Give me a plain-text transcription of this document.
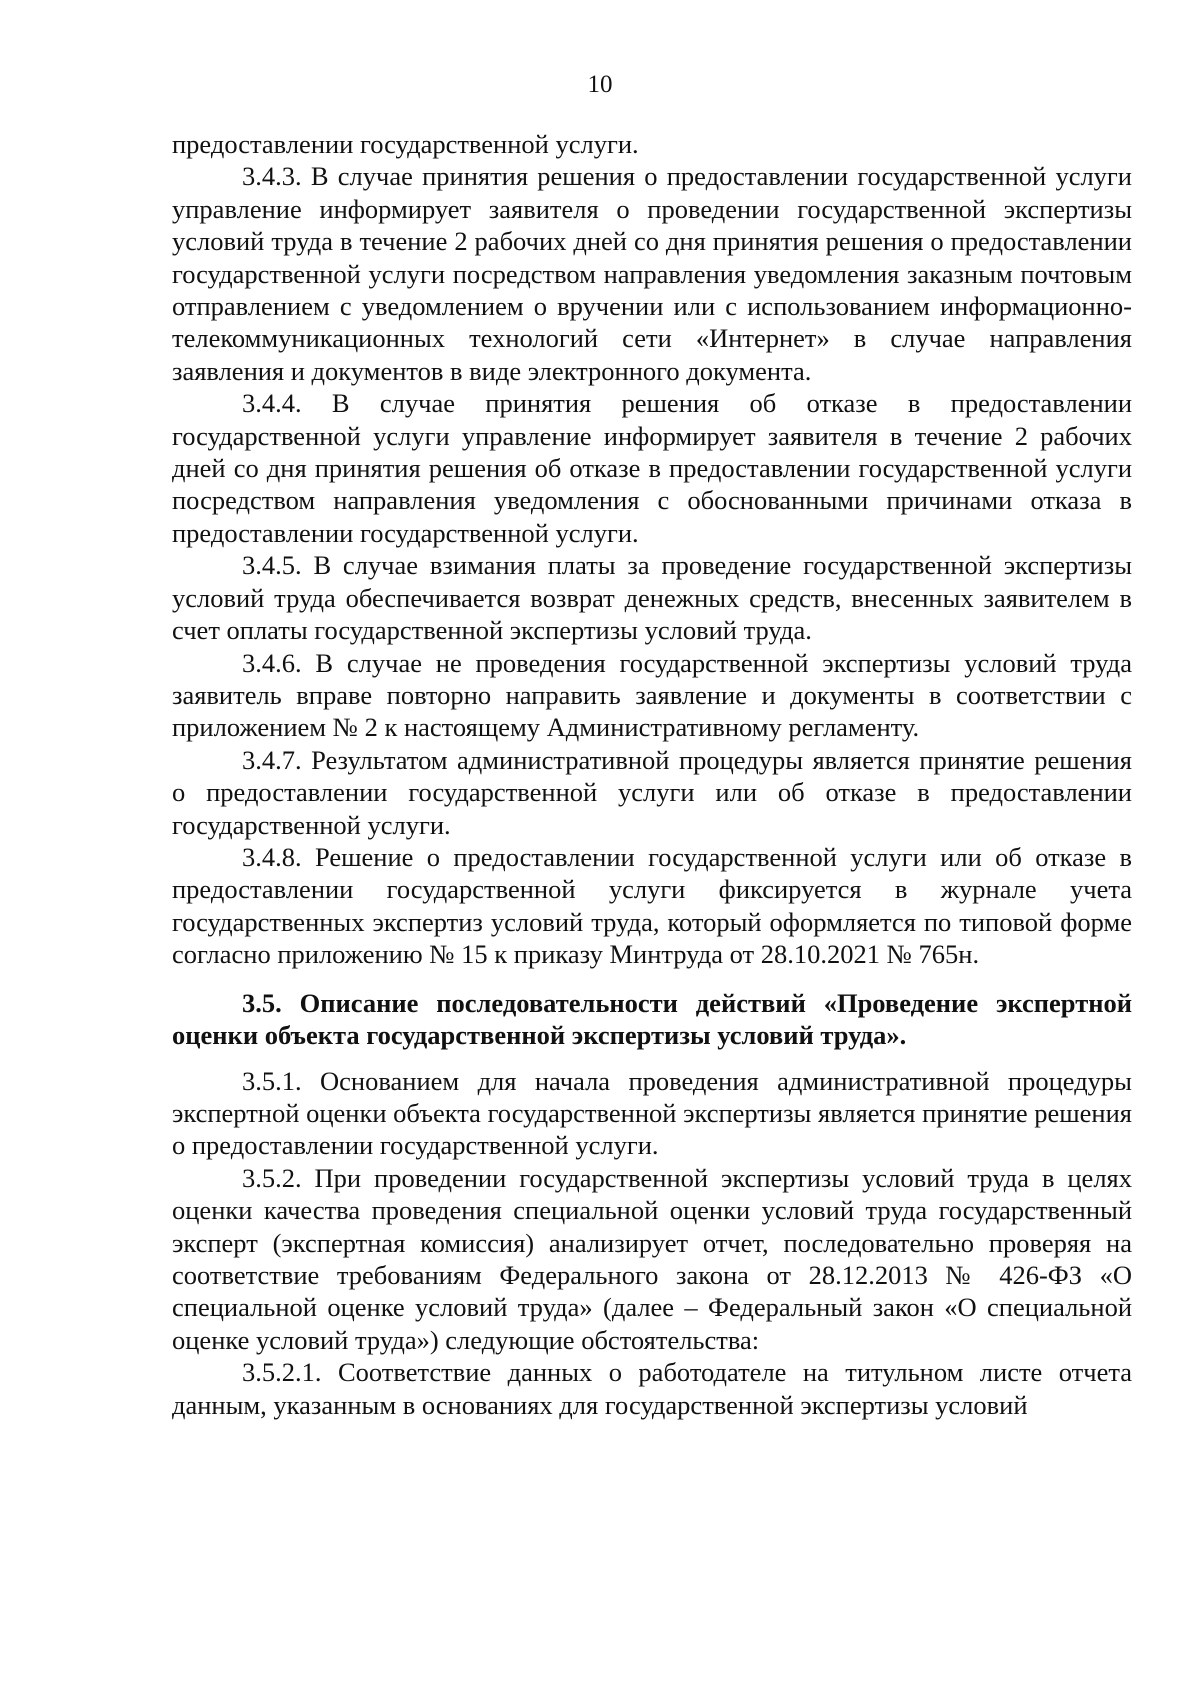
10

предоставлении государственной услуги.

3.4.3. В случае принятия решения о предоставлении государственной услуги управление информирует заявителя о проведении государственной экспертизы условий труда в течение 2 рабочих дней со дня принятия решения о предоставлении государственной услуги посредством направления уведомления заказным почтовым отправлением с уведомлением о вручении или с использованием информационно-телекоммуникационных технологий сети «Интернет» в случае направления заявления и документов в виде электронного документа.

3.4.4. В случае принятия решения об отказе в предоставлении государственной услуги управление информирует заявителя в течение 2 рабочих дней со дня принятия решения об отказе в предоставлении государственной услуги посредством направления уведомления с обоснованными причинами отказа в предоставлении государственной услуги.

3.4.5. В случае взимания платы за проведение государственной экспертизы условий труда обеспечивается возврат денежных средств, внесенных заявителем в счет оплаты государственной экспертизы условий труда.

3.4.6. В случае не проведения государственной экспертизы условий труда заявитель вправе повторно направить заявление и документы в соответствии с приложением № 2 к настоящему Административному регламенту.

3.4.7. Результатом административной процедуры является принятие решения о предоставлении государственной услуги или об отказе в предоставлении государственной услуги.

3.4.8. Решение о предоставлении государственной услуги или об отказе в предоставлении государственной услуги фиксируется в журнале учета государственных экспертиз условий труда, который оформляется по типовой форме согласно приложению № 15 к приказу Минтруда от 28.10.2021 № 765н.

3.5. Описание последовательности действий «Проведение экспертной оценки объекта государственной экспертизы условий труда».

3.5.1. Основанием для начала проведения административной процедуры экспертной оценки объекта государственной экспертизы является принятие решения о предоставлении государственной услуги.

3.5.2. При проведении государственной экспертизы условий труда в целях оценки качества проведения специальной оценки условий труда государственный эксперт (экспертная комиссия) анализирует отчет, последовательно проверяя на соответствие требованиям Федерального закона от 28.12.2013 № 426-ФЗ «О специальной оценке условий труда» (далее – Федеральный закон «О специальной оценке условий труда») следующие обстоятельства:

3.5.2.1. Соответствие данных о работодателе на титульном листе отчета данным, указанным в основаниях для государственной экспертизы условий
